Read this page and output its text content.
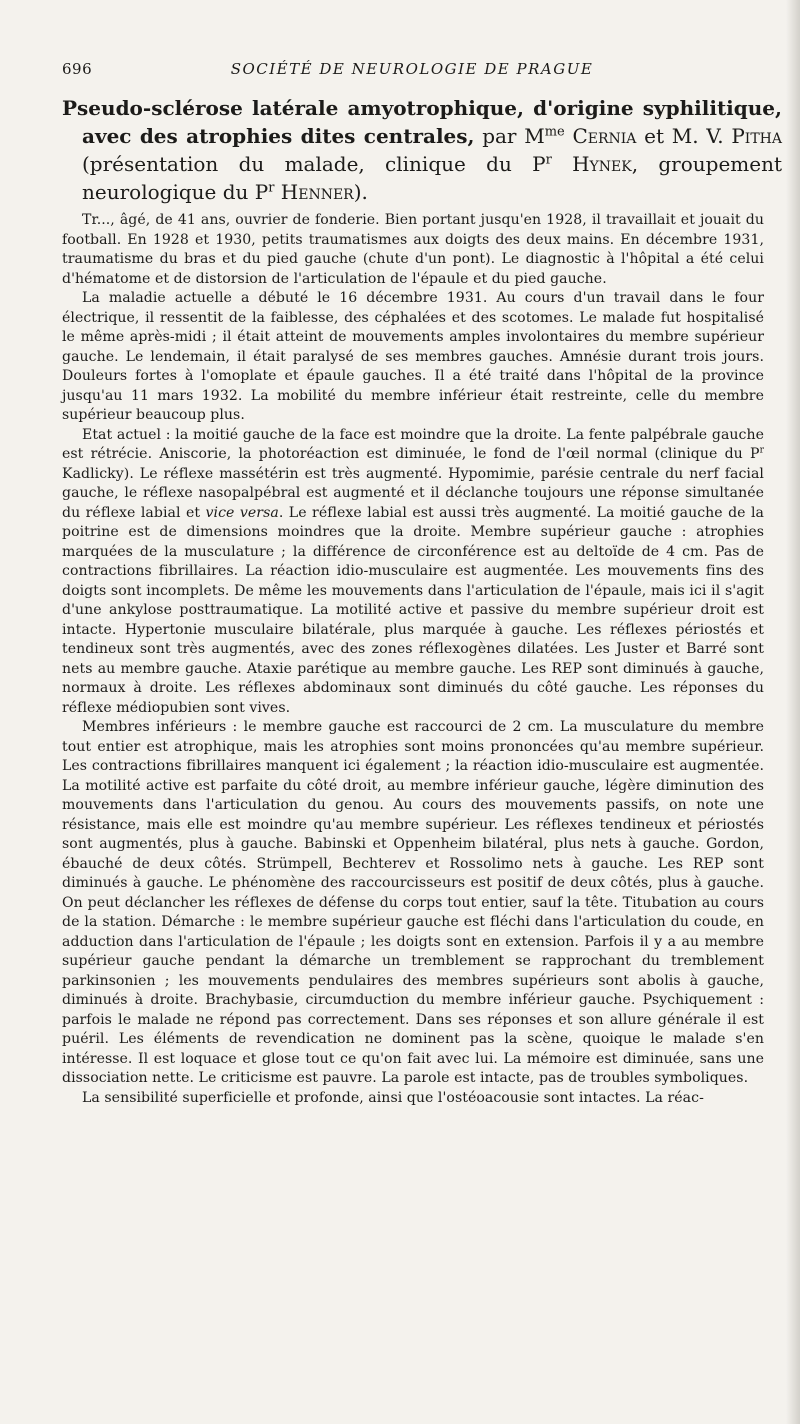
696	SOCIÉTÉ DE NEUROLOGIE DE PRAGUE
Pseudo-sclérose latérale amyotrophique, d'origine syphilitique, avec des atrophies dites centrales, par $M^{me}$ Cernia et M. V. Pitha (présentation du malade, clinique du $P^r$ Hynek, groupement neurologique du $P^r$ Henner).

Tr..., âgé, de 41 ans, ouvrier de fonderie. Bien portant jusqu'en 1928, il travaillait et jouait du football. En 1928 et 1930, petits traumatismes aux doigts des deux mains. En décembre 1931, traumatisme du bras et du pied gauche (chute d'un pont). Le diagnostic à l'hôpital a été celui d'hématome et de distorsion de l'articulation de l'épaule et du pied gauche.

La maladie actuelle a débuté le 16 décembre 1931. Au cours d'un travail dans le four électrique, il ressentit de la faiblesse, des céphalées et des scotomes. Le malade fut hospitalisé le même après-midi ; il était atteint de mouvements amples involontaires du membre supérieur gauche. Le lendemain, il était paralysé de ses membres gauches. Amnésie durant trois jours. Douleurs fortes à l'omoplate et épaule gauches. Il a été traité dans l'hôpital de la province jusqu'au 11 mars 1932. La mobilité du membre inférieur était restreinte, celle du membre supérieur beaucoup plus.

Etat actuel : la moitié gauche de la face est moindre que la droite. La fente palpébrale gauche est rétrécie. Aniscorie, la photoréaction est diminuée, le fond de l'œil normal (clinique du $P^r$ Kadlicky). Le réflexe massétérin est très augmenté. Hypomimie, parésie centrale du nerf facial gauche, le réflexe nasopalpébral est augmenté et il déclanche toujours une réponse simultanée du réflexe labial et vice versa. Le réflexe labial est aussi très augmenté. La moitié gauche de la poitrine est de dimensions moindres que la droite. Membre supérieur gauche : atrophies marquées de la musculature ; la différence de circonférence est au deltoïde de 4 cm. Pas de contractions fibrillaires. La réaction idio-musculaire est augmentée. Les mouvements fins des doigts sont incomplets. De même les mouvements dans l'articulation de l'épaule, mais ici il s'agit d'une ankylose posttraumatique. La motilité active et passive du membre supérieur droit est intacte. Hypertonie musculaire bilatérale, plus marquée à gauche. Les réflexes périostés et tendineux sont très augmentés, avec des zones réflexogènes dilatées. Les Juster et Barré sont nets au membre gauche. Ataxie parétique au membre gauche. Les REP sont diminués à gauche, normaux à droite. Les réflexes abdominaux sont diminués du côté gauche. Les réponses du réflexe médiopubien sont vives.

Membres inférieurs : le membre gauche est raccourci de 2 cm. La musculature du membre tout entier est atrophique, mais les atrophies sont moins prononcées qu'au membre supérieur. Les contractions fibrillaires manquent ici également ; la réaction idio-musculaire est augmentée. La motilité active est parfaite du côté droit, au membre inférieur gauche, légère diminution des mouvements dans l'articulation du genou. Au cours des mouvements passifs, on note une résistance, mais elle est moindre qu'au membre supérieur. Les réflexes tendineux et périostés sont augmentés, plus à gauche. Babinski et Oppenheim bilatéral, plus nets à gauche. Gordon, ébauché de deux côtés. Strümpell, Bechterev et Rossolimo nets à gauche. Les REP sont diminués à gauche. Le phénomène des raccourcisseurs est positif de deux côtés, plus à gauche. On peut déclancher les réflexes de défense du corps tout entier, sauf la tête. Titubation au cours de la station. Démarche : le membre supérieur gauche est fléchi dans l'articulation du coude, en adduction dans l'articulation de l'épaule ; les doigts sont en extension. Parfois il y a au membre supérieur gauche pendant la démarche un tremblement se rapprochant du tremblement parkinsonien ; les mouvements pendulaires des membres supérieurs sont abolis à gauche, diminués à droite. Brachybasie, circumduction du membre inférieur gauche. Psychiquement : parfois le malade ne répond pas correctement. Dans ses réponses et son allure générale il est puéril. Les éléments de revendication ne dominent pas la scène, quoique le malade s'en intéresse. Il est loquace et glose tout ce qu'on fait avec lui. La mémoire est diminuée, sans une dissociation nette. Le criticisme est pauvre. La parole est intacte, pas de troubles symboliques.

La sensibilité superficielle et profonde, ainsi que l'ostéoacousie sont intactes. La réac-
